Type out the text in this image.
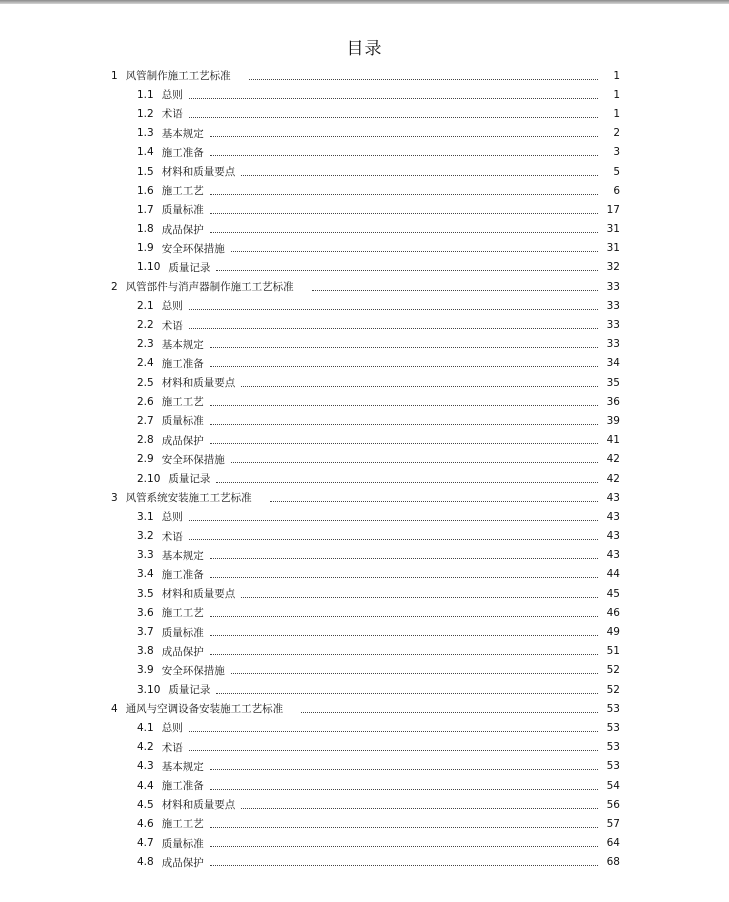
目录
1 风管制作施工工艺标准	1
1.1 总则	1
1.2 术语	1
1.3 基本规定	2
1.4 施工准备	3
1.5 材料和质量要点	5
1.6 施工工艺	6
1.7 质量标准	17
1.8 成品保护	31
1.9 安全环保措施	31
1.10 质量记录	32
2 风管部件与消声器制作施工工艺标准	33
2.1 总则	33
2.2 术语	33
2.3 基本规定	33
2.4 施工准备	34
2.5 材料和质量要点	35
2.6 施工工艺	36
2.7 质量标准	39
2.8 成品保护	41
2.9 安全环保措施	42
2.10 质量记录	42
3 风管系统安装施工工艺标准	43
3.1 总则	43
3.2 术语	43
3.3 基本规定	43
3.4 施工准备	44
3.5 材料和质量要点	45
3.6 施工工艺	46
3.7 质量标准	49
3.8 成品保护	51
3.9 安全环保措施	52
3.10 质量记录	52
4 通风与空调设备安装施工工艺标准	53
4.1 总则	53
4.2 术语	53
4.3 基本规定	53
4.4 施工准备	54
4.5 材料和质量要点	56
4.6 施工工艺	57
4.7 质量标准	64
4.8 成品保护	68
